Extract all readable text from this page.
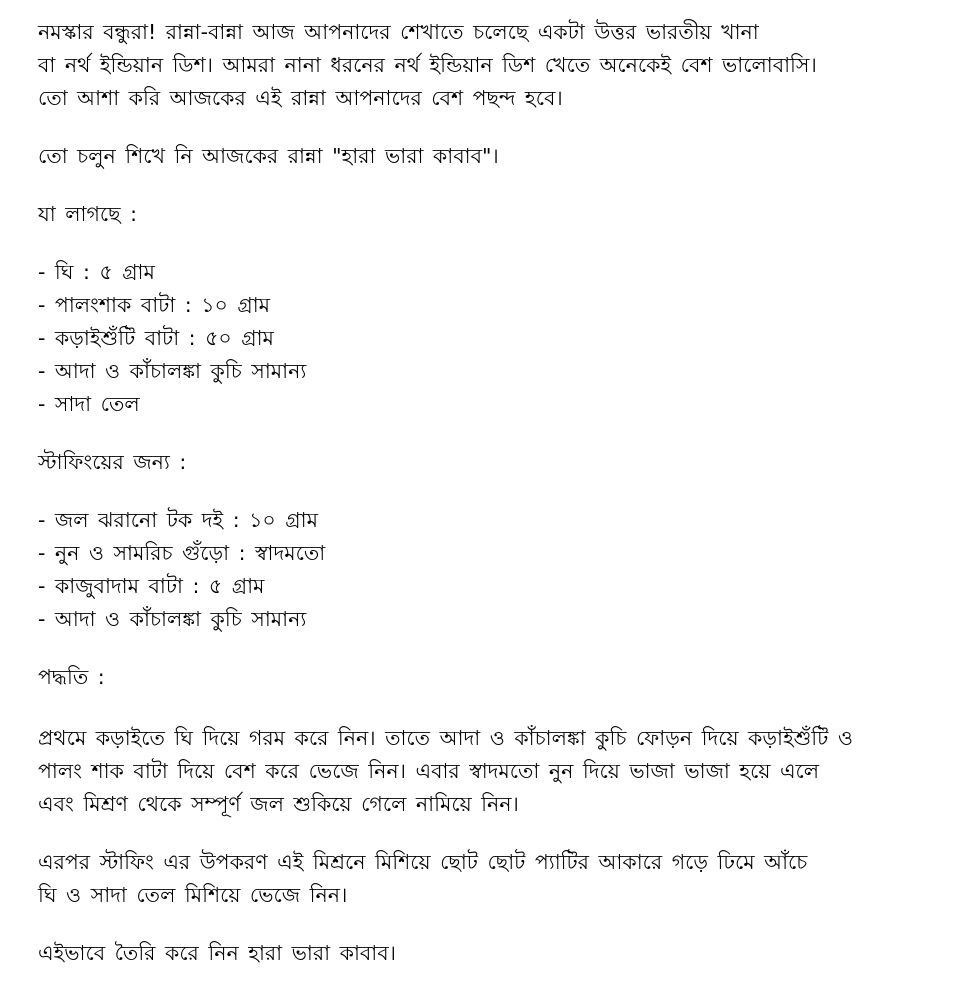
নমস্কার বন্ধুরা! রান্না-বান্না আজ আপনাদের শেখাতে চলেছে একটা উত্তর ভারতীয় খানা
বা নর্থ ইন্ডিয়ান ডিশ। আমরা নানা ধরনের নর্থ ইন্ডিয়ান ডিশ খেতে অনেকেই বেশ ভালোবাসি।
তো আশা করি আজকের এই রান্না আপনাদের বেশ পছন্দ হবে।

তো চলুন শিখে নি আজকের রান্না "হারা ভারা কাবাব"।

যা লাগছে :

- ঘি : ৫ গ্রাম
- পালংশাক বাটা : ১০ গ্রাম
- কড়াইশুঁটি বাটা : ৫০ গ্রাম
- আদা ও কাঁচালঙ্কা কুচি সামান্য
- সাদা তেল

স্টাফিংয়ের জন্য :

- জল ঝরানো টক দই : ১০ গ্রাম
- নুন ও সামরিচ গুঁড়ো : স্বাদমতো
- কাজুবাদাম বাটা : ৫ গ্রাম
- আদা ও কাঁচালঙ্কা কুচি সামান্য

পদ্ধতি :

প্রথমে কড়াইতে ঘি দিয়ে গরম করে নিন। তাতে আদা ও কাঁচালঙ্কা কুচি ফোড়ন দিয়ে কড়াইশুঁটি ও
পালং শাক বাটা দিয়ে বেশ করে ভেজে নিন। এবার স্বাদমতো নুন দিয়ে ভাজা ভাজা হয়ে এলে
এবং মিশ্রণ থেকে সম্পূর্ণ জল শুকিয়ে গেলে নামিয়ে নিন।

এরপর স্টাফিং এর উপকরণ এই মিশ্রনে মিশিয়ে ছোট ছোট প্যাটির আকারে গড়ে ঢিমে আঁচে
ঘি ও সাদা তেল মিশিয়ে ভেজে নিন।

এইভাবে তৈরি করে নিন হারা ভারা কাবাব।
